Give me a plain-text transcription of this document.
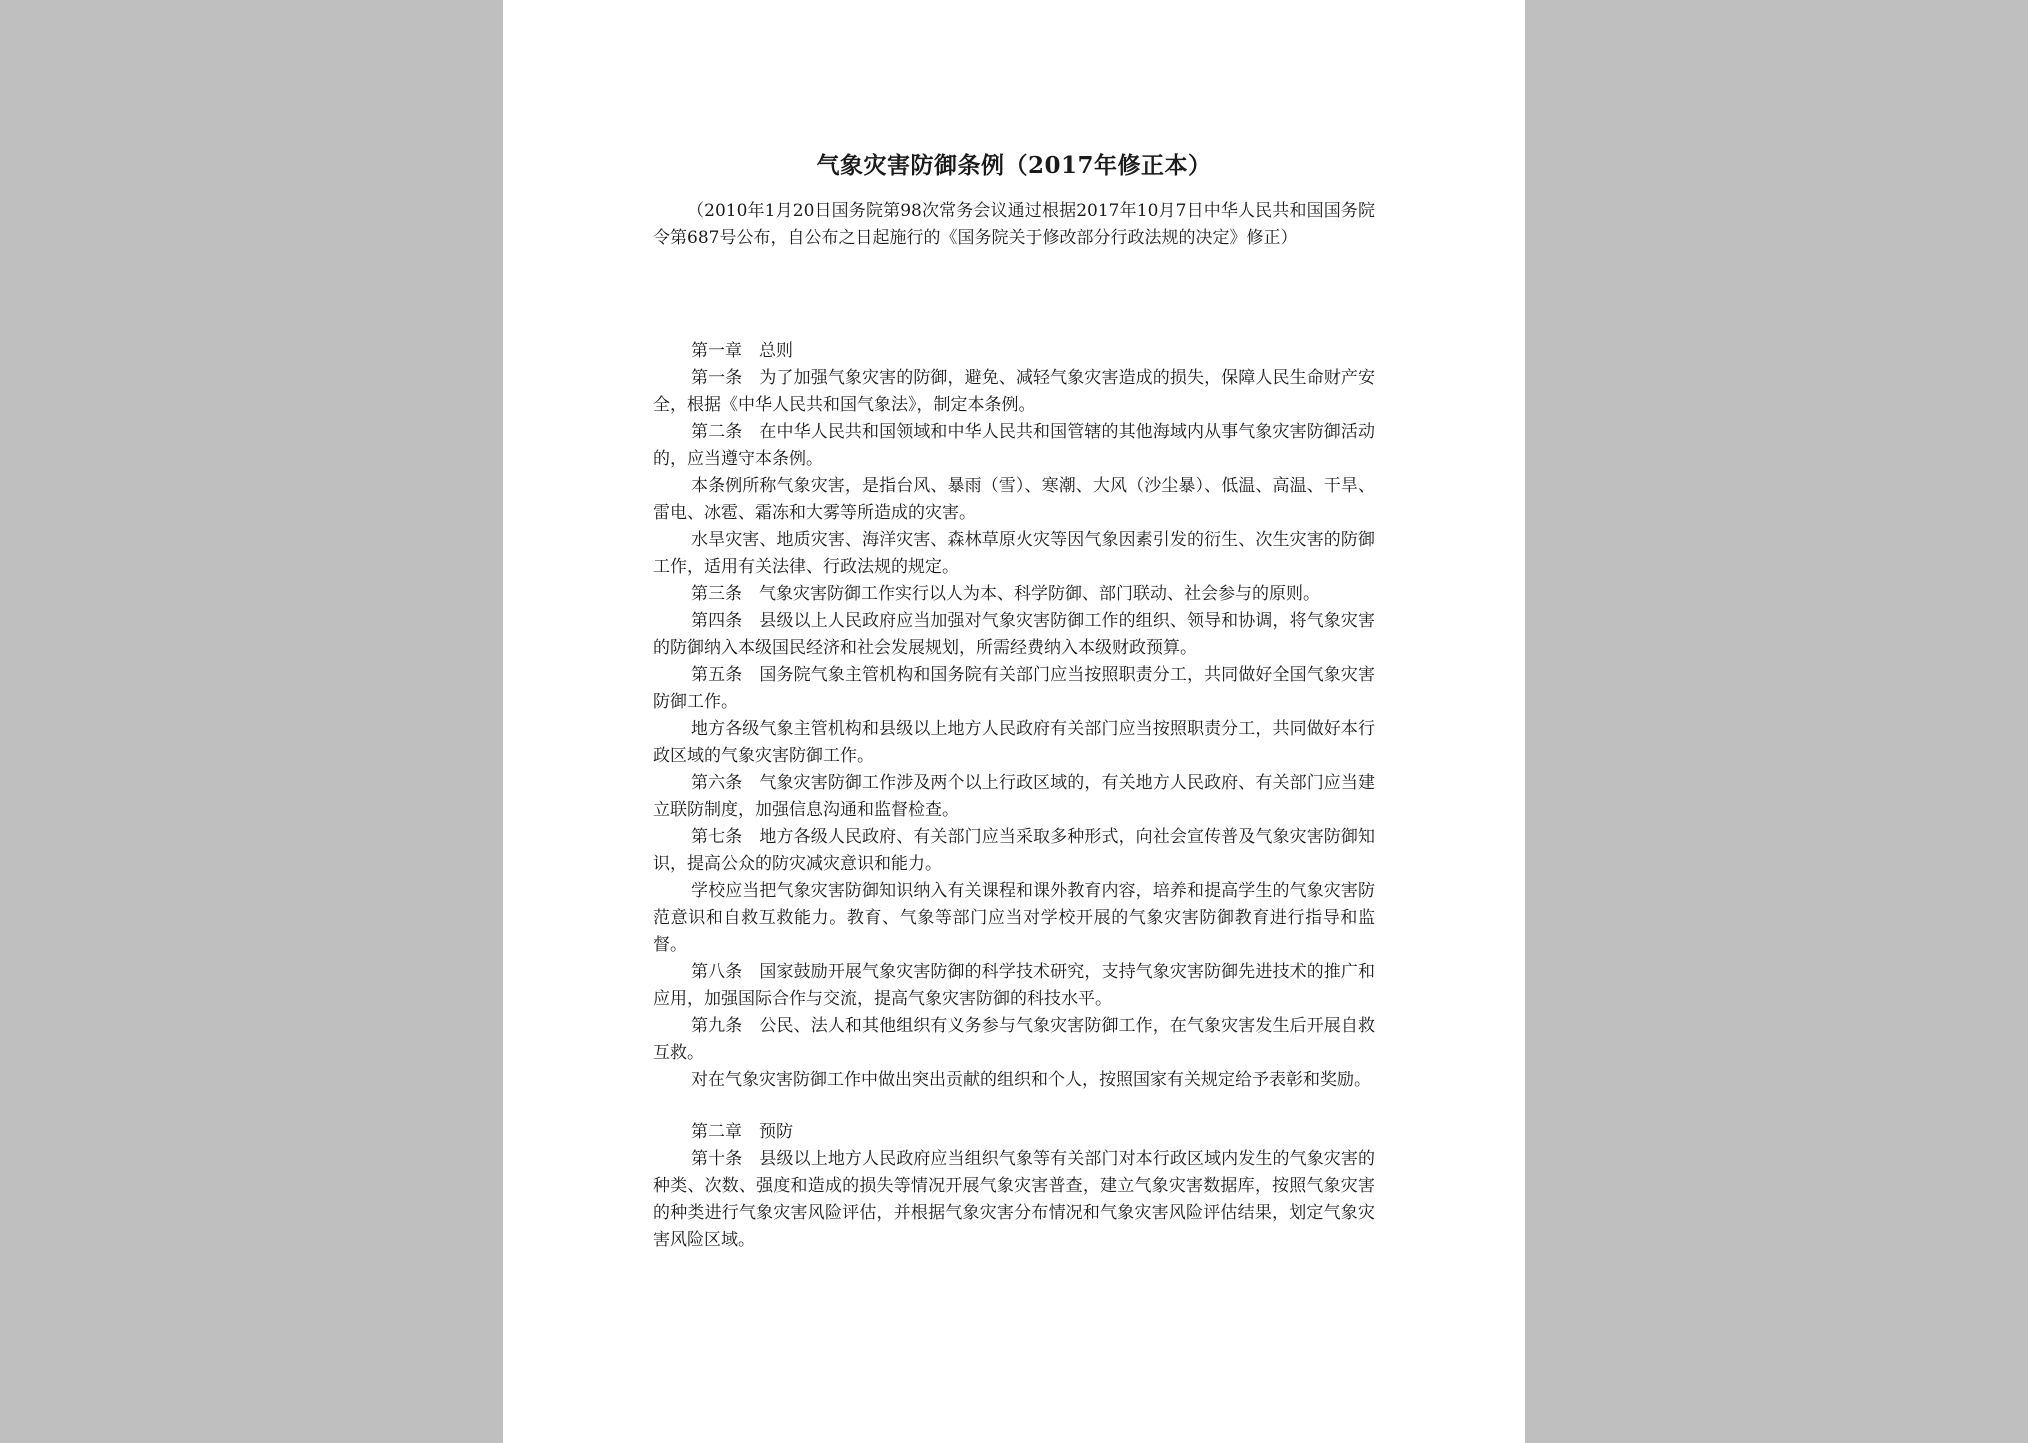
气象灾害防御条例（2017年修正本）

（2010年1月20日国务院第98次常务会议通过根据2017年10月7日中华人民共和国国务院令第687号公布，自公布之日起施行的《国务院关于修改部分行政法规的决定》修正）

第一章　总则

第一条　为了加强气象灾害的防御，避免、减轻气象灾害造成的损失，保障人民生命财产安全，根据《中华人民共和国气象法》，制定本条例。

第二条　在中华人民共和国领域和中华人民共和国管辖的其他海域内从事气象灾害防御活动的，应当遵守本条例。

本条例所称气象灾害，是指台风、暴雨（雪）、寒潮、大风（沙尘暴）、低温、高温、干旱、雷电、冰雹、霜冻和大雾等所造成的灾害。

水旱灾害、地质灾害、海洋灾害、森林草原火灾等因气象因素引发的衍生、次生灾害的防御工作，适用有关法律、行政法规的规定。

第三条　气象灾害防御工作实行以人为本、科学防御、部门联动、社会参与的原则。

第四条　县级以上人民政府应当加强对气象灾害防御工作的组织、领导和协调，将气象灾害的防御纳入本级国民经济和社会发展规划，所需经费纳入本级财政预算。

第五条　国务院气象主管机构和国务院有关部门应当按照职责分工，共同做好全国气象灾害防御工作。

地方各级气象主管机构和县级以上地方人民政府有关部门应当按照职责分工，共同做好本行政区域的气象灾害防御工作。

第六条　气象灾害防御工作涉及两个以上行政区域的，有关地方人民政府、有关部门应当建立联防制度，加强信息沟通和监督检查。

第七条　地方各级人民政府、有关部门应当采取多种形式，向社会宣传普及气象灾害防御知识，提高公众的防灾减灾意识和能力。

学校应当把气象灾害防御知识纳入有关课程和课外教育内容，培养和提高学生的气象灾害防范意识和自救互救能力。教育、气象等部门应当对学校开展的气象灾害防御教育进行指导和监督。

第八条　国家鼓励开展气象灾害防御的科学技术研究，支持气象灾害防御先进技术的推广和应用，加强国际合作与交流，提高气象灾害防御的科技水平。

第九条　公民、法人和其他组织有义务参与气象灾害防御工作，在气象灾害发生后开展自救互救。

对在气象灾害防御工作中做出突出贡献的组织和个人，按照国家有关规定给予表彰和奖励。

第二章　预防

第十条　县级以上地方人民政府应当组织气象等有关部门对本行政区域内发生的气象灾害的种类、次数、强度和造成的损失等情况开展气象灾害普查，建立气象灾害数据库，按照气象灾害的种类进行气象灾害风险评估，并根据气象灾害分布情况和气象灾害风险评估结果，划定气象灾害风险区域。
